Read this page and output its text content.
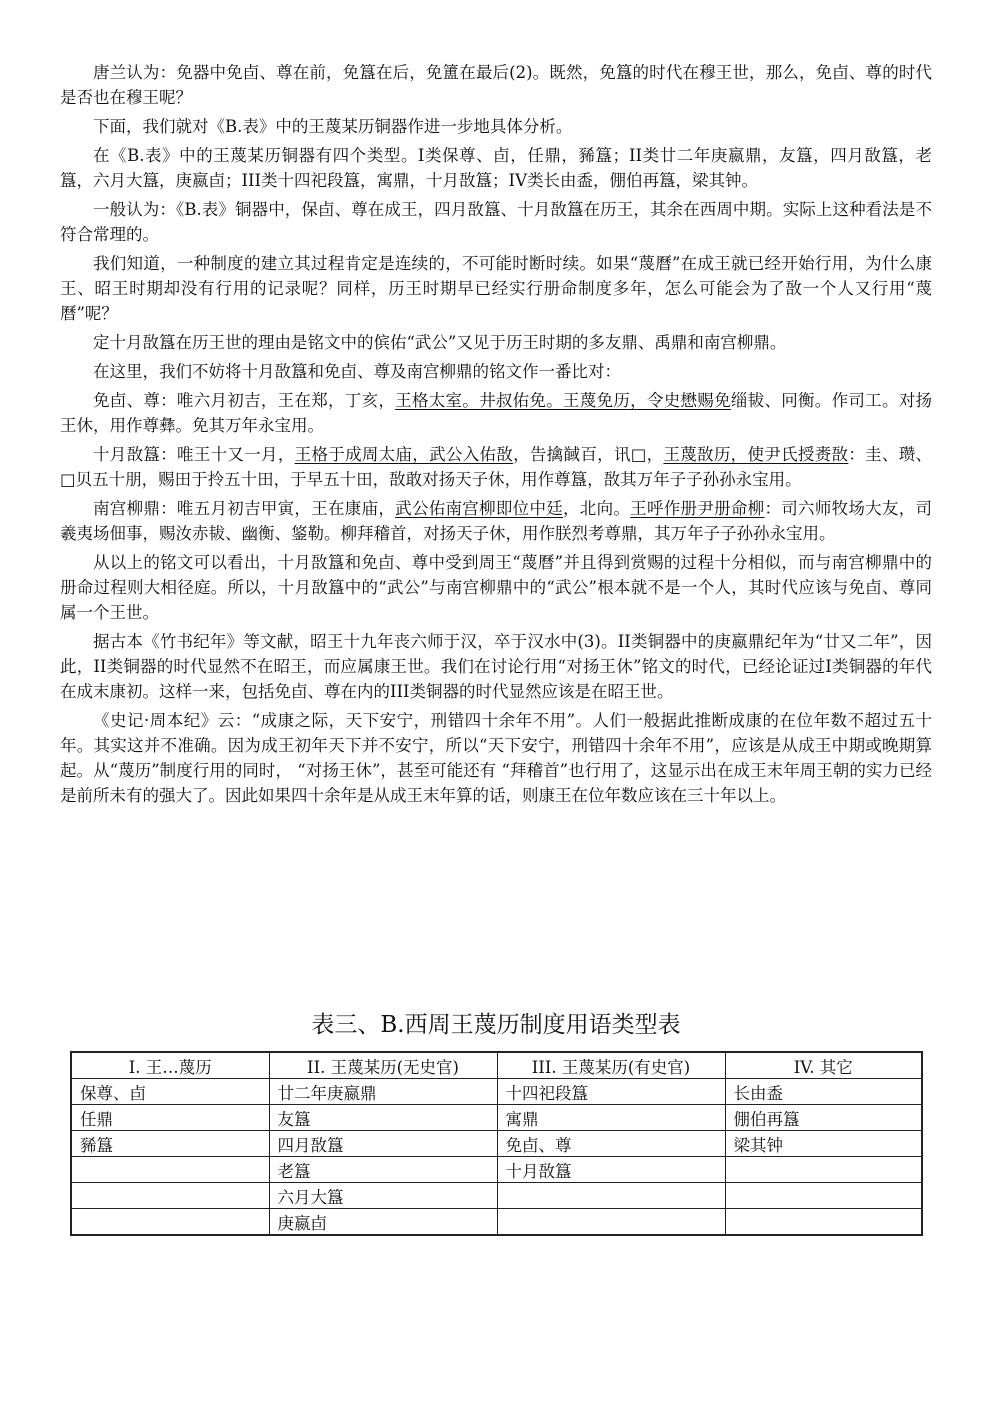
唐兰认为：免器中免卣、尊在前，免簋在后，免簠在最后(2)。既然，免簋的时代在穆王世，那么，免卣、尊的时代是否也在穆王呢？

下面，我们就对《B.表》中的王蔑某历铜器作进一步地具体分析。

在《B.表》中的王蔑某历铜器有四个类型。I类保尊、卣，任鼎，豨簋；II类廿二年庚嬴鼎，友簋，四月敔簋，老簋，六月大簋，庚嬴卣；III类十四祀段簋，寓鼎，十月敔簋；IV类长由盉，倗伯再簋，梁其钟。

一般认为：《B.表》铜器中，保卣、尊在成王，四月敔簋、十月敔簋在历王，其余在西周中期。实际上这种看法是不符合常理的。

我们知道，一种制度的建立其过程肯定是连续的，不可能时断时续。如果“蔑曆”在成王就已经开始行用，为什么康王、昭王时期却没有行用的记录呢？同样，历王时期早已经实行册命制度多年，怎么可能会为了敔一个人又行用“蔑曆”呢？

定十月敔簋在历王世的理由是铭文中的傧佑“武公”又见于历王时期的多友鼎、禹鼎和南宫柳鼎。

在这里，我们不妨将十月敔簋和免卣、尊及南宫柳鼎的铭文作一番比对：

免卣、尊：唯六月初吉，王在郑，丁亥，王格太室。井叔佑免。王蔑免历，令史懋赐免缁韨、冋衡。作司工。对扬王休，用作尊彝。免其万年永宝用。

十月敔簋：唯王十又一月，王格于成周太庙，武公入佑敔，告擒馘百，讯□，王蔑敔历，使尹氏授赉敔：圭、瓒、□贝五十朋，赐田于拎五十田，于早五十田，敔敢对扬天子休，用作尊簋，敔其万年子子孙孙永宝用。

南宫柳鼎：唯五月初吉甲寅，王在康庙，武公佑南宫柳即位中廷，北向。王呼作册尹册命柳：司六师牧场大友，司羲夷场佃事，赐汝赤韨、幽衡、鋚勒。柳拜稽首，对扬天子休，用作朕烈考尊鼎，其万年子子孙孙永宝用。

从以上的铭文可以看出，十月敔簋和免卣、尊中受到周王“蔑曆”并且得到赏赐的过程十分相似，而与南宫柳鼎中的册命过程则大相径庭。所以，十月敔簋中的“武公”与南宫柳鼎中的“武公”根本就不是一个人，其时代应该与免卣、尊同属一个王世。

据古本《竹书纪年》等文献，昭王十九年丧六师于汉，卒于汉水中(3)。II类铜器中的庚嬴鼎纪年为“廿又二年”，因此，II类铜器的时代显然不在昭王，而应属康王世。我们在讨论行用“对扬王休”铭文的时代，已经论证过I类铜器的年代在成末康初。这样一来，包括免卣、尊在内的III类铜器的时代显然应该是在昭王世。

《史记·周本纪》云：“成康之际，天下安宁，刑错四十余年不用”。人们一般据此推断成康的在位年数不超过五十年。其实这并不准确。因为成王初年天下并不安宁，所以“天下安宁，刑错四十余年不用”，应该是从成王中期或晚期算起。从“蔑历”制度行用的同时， “对扬王休”，甚至可能还有 “拜稽首”也行用了，这显示出在成王末年周王朝的实力已经是前所未有的强大了。因此如果四十余年是从成王末年算的话，则康王在位年数应该在三十年以上。

表三、B.西周王蔑历制度用语类型表
I. 王…蔑历	II. 王蔑某历(无史官)	III. 王蔑某历(有史官)	IV. 其它
保尊、卣	廿二年庚嬴鼎	十四祀段簋	长由盉
任鼎	友簋	寓鼎	倗伯再簋
豨簋	四月敔簋	免卣、尊	梁其钟
	老簋	十月敔簋	
	六月大簋		
	庚嬴卣		
